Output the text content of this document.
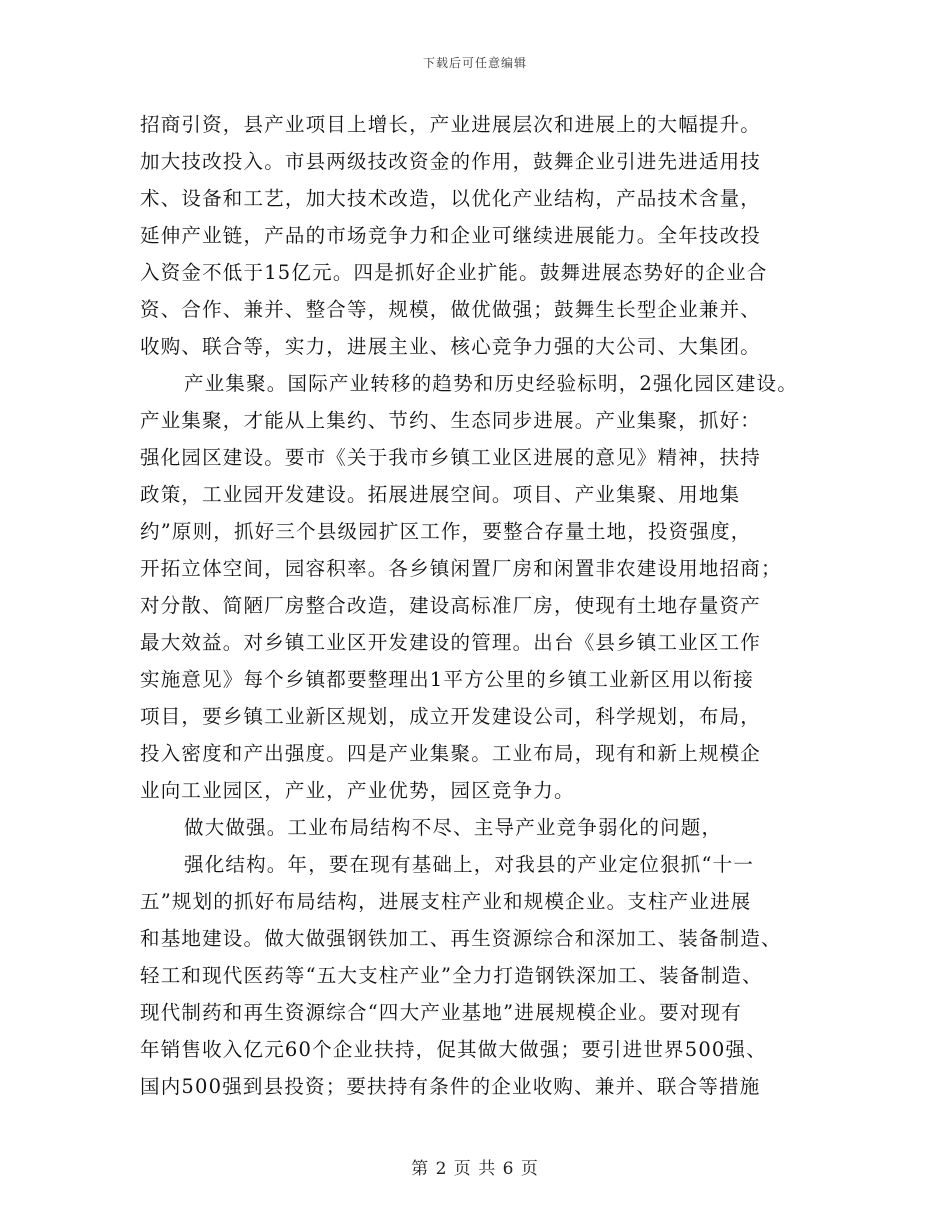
下载后可任意编辑
招商引资，县产业项目上增长，产业进展层次和进展上的大幅提升。
加大技改投入。市县两级技改资金的作用，鼓舞企业引进先进适用技
术、设备和工艺，加大技术改造，以优化产业结构，产品技术含量，
延伸产业链，产品的市场竞争力和企业可继续进展能力。全年技改投
入资金不低于15亿元。四是抓好企业扩能。鼓舞进展态势好的企业合
资、合作、兼并、整合等，规模，做优做强；鼓舞生长型企业兼并、
收购、联合等，实力，进展主业、核心竞争力强的大公司、大集团。
产业集聚。国际产业转移的趋势和历史经验标明，2强化园区建设。
产业集聚，才能从上集约、节约、生态同步进展。产业集聚，抓好：
强化园区建设。要市《关于我市乡镇工业区进展的意见》精神，扶持
政策，工业园开发建设。拓展进展空间。项目、产业集聚、用地集
约”原则，抓好三个县级园扩区工作，要整合存量土地，投资强度，
开拓立体空间，园容积率。各乡镇闲置厂房和闲置非农建设用地招商；
对分散、简陋厂房整合改造，建设高标准厂房，使现有土地存量资产
最大效益。对乡镇工业区开发建设的管理。出台《县乡镇工业区工作
实施意见》每个乡镇都要整理出1平方公里的乡镇工业新区用以衔接
项目，要乡镇工业新区规划，成立开发建设公司，科学规划，布局，
投入密度和产出强度。四是产业集聚。工业布局，现有和新上规模企
业向工业园区，产业，产业优势，园区竞争力。
做大做强。工业布局结构不尽、主导产业竞争弱化的问题，
强化结构。年，要在现有基础上，对我县的产业定位狠抓“十一
五”规划的抓好布局结构，进展支柱产业和规模企业。支柱产业进展
和基地建设。做大做强钢铁加工、再生资源综合和深加工、装备制造、
轻工和现代医药等“五大支柱产业”全力打造钢铁深加工、装备制造、
现代制药和再生资源综合“四大产业基地”进展规模企业。要对现有
年销售收入亿元60个企业扶持，促其做大做强；要引进世界500强、
国内500强到县投资；要扶持有条件的企业收购、兼并、联合等措施
第 2 页 共 6 页
